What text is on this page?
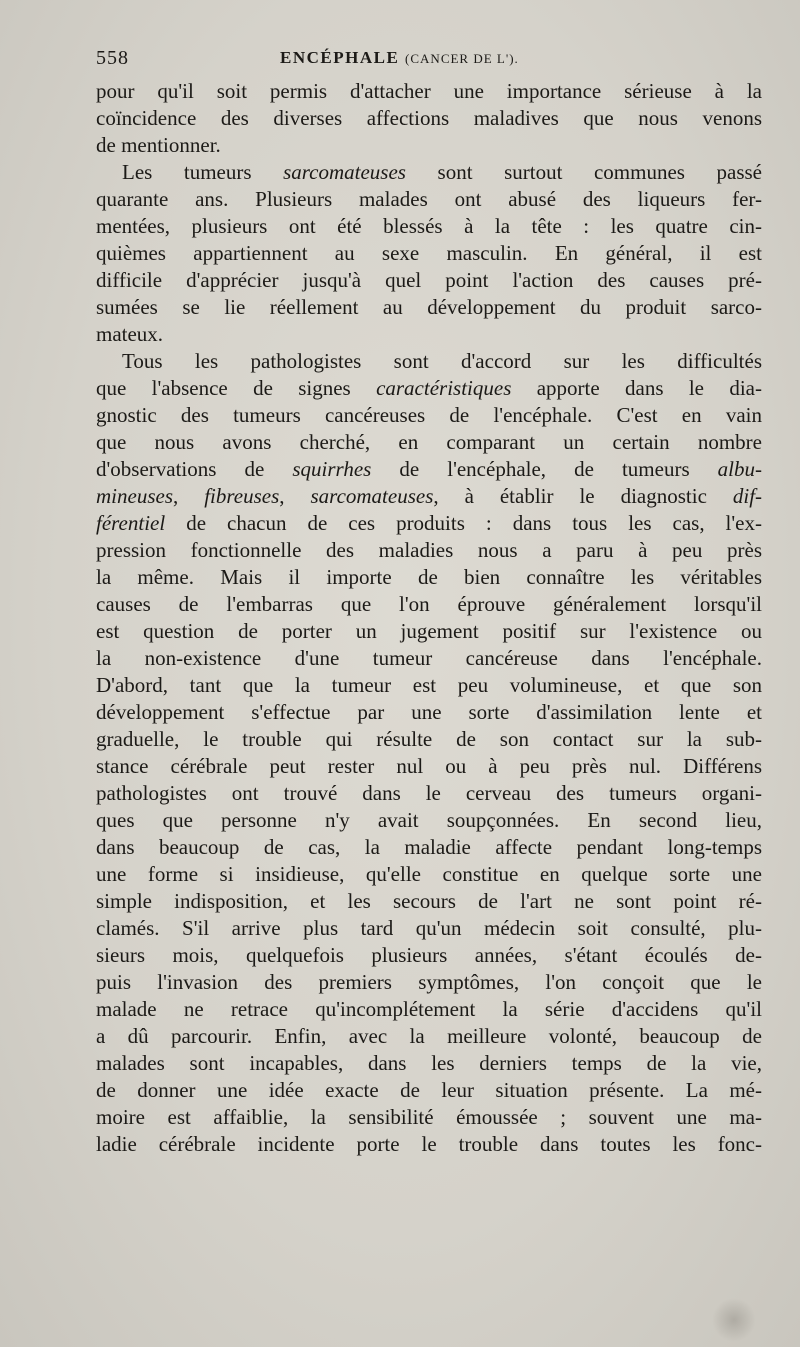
558	ENCÉPHALE (CANCER DE L').
pour qu'il soit permis d'attacher une importance sérieuse à la
coïncidence des diverses affections maladives que nous venons
de mentionner.
Les tumeurs sarcomateuses sont surtout communes passé
quarante ans. Plusieurs malades ont abusé des liqueurs fer-
mentées, plusieurs ont été blessés à la tête : les quatre cin-
quièmes appartiennent au sexe masculin. En général, il est
difficile d'apprécier jusqu'à quel point l'action des causes pré-
sumées se lie réellement au développement du produit sarco-
mateux.
Tous les pathologistes sont d'accord sur les difficultés
que l'absence de signes caractéristiques apporte dans le dia-
gnostic des tumeurs cancéreuses de l'encéphale. C'est en vain
que nous avons cherché, en comparant un certain nombre
d'observations de squirrhes de l'encéphale, de tumeurs albu-
mineuses, fibreuses, sarcomateuses, à établir le diagnostic dif-
férentiel de chacun de ces produits : dans tous les cas, l'ex-
pression fonctionnelle des maladies nous a paru à peu près
la même. Mais il importe de bien connaître les véritables
causes de l'embarras que l'on éprouve généralement lorsqu'il
est question de porter un jugement positif sur l'existence ou
la non-existence d'une tumeur cancéreuse dans l'encéphale.
D'abord, tant que la tumeur est peu volumineuse, et que son
développement s'effectue par une sorte d'assimilation lente et
graduelle, le trouble qui résulte de son contact sur la sub-
stance cérébrale peut rester nul ou à peu près nul. Différens
pathologistes ont trouvé dans le cerveau des tumeurs organi-
ques que personne n'y avait soupçonnées. En second lieu,
dans beaucoup de cas, la maladie affecte pendant long-temps
une forme si insidieuse, qu'elle constitue en quelque sorte une
simple indisposition, et les secours de l'art ne sont point ré-
clamés. S'il arrive plus tard qu'un médecin soit consulté, plu-
sieurs mois, quelquefois plusieurs années, s'étant écoulés de-
puis l'invasion des premiers symptômes, l'on conçoit que le
malade ne retrace qu'incomplétement la série d'accidens qu'il
a dû parcourir. Enfin, avec la meilleure volonté, beaucoup de
malades sont incapables, dans les derniers temps de la vie,
de donner une idée exacte de leur situation présente. La mé-
moire est affaiblie, la sensibilité émoussée ; souvent une ma-
ladie cérébrale incidente porte le trouble dans toutes les fonc-
